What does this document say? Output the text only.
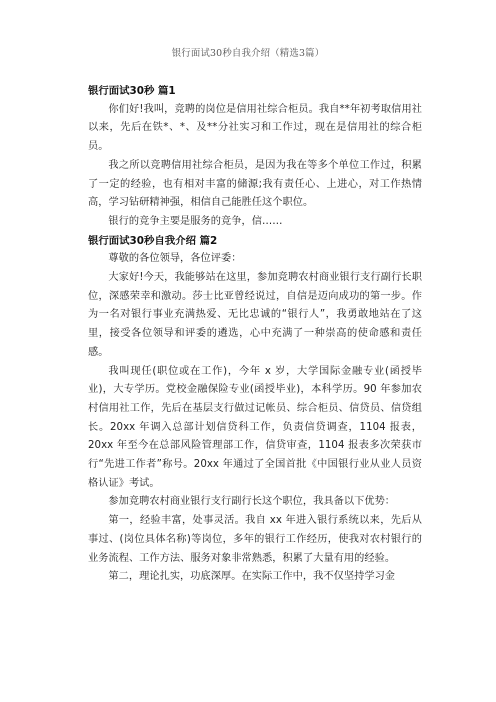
银行面试30秒自我介绍（精选3篇）

银行面试30秒 篇1

你们好!我叫，竞聘的岗位是信用社综合柜员。我自**年初考取信用社以来，先后在铁*、*、及**分社实习和工作过，现在是信用社的综合柜员。

我之所以竞聘信用社综合柜员，是因为我在等多个单位工作过，积累了一定的经验，也有相对丰富的储源;我有责任心、上进心，对工作热情高，学习钻研精神强，相信自己能胜任这个职位。

银行的竞争主要是服务的竞争，信……

银行面试30秒自我介绍 篇2

尊敬的各位领导，各位评委：

大家好!今天，我能够站在这里，参加竞聘农村商业银行支行副行长职位，深感荣幸和激动。莎士比亚曾经说过，自信是迈向成功的第一步。作为一名对银行事业充满热爱、无比忠诚的“银行人”，我勇敢地站在了这里，接受各位领导和评委的遴选，心中充满了一种崇高的使命感和责任感。

我叫现任(职位或在工作)，今年 x 岁，大学国际金融专业(函授毕业)，大专学历。党校金融保险专业(函授毕业)，本科学历。90 年参加农村信用社工作，先后在基层支行做过记帐员、综合柜员、信贷员、信贷组长。20xx 年调入总部计划信贷科工作，负责信贷调查，1104 报表，20xx 年至今在总部风险管理部工作，信贷审查，1104 报表多次荣获市行“先进工作者”称号。20xx 年通过了全国首批《中国银行业从业人员资格认证》考试。

参加竞聘农村商业银行支行副行长这个职位，我具备以下优势：

第一，经验丰富，处事灵活。我自 xx 年进入银行系统以来，先后从事过、(岗位具体名称)等岗位，多年的银行工作经历，使我对农村银行的业务流程、工作方法、服务对象非常熟悉，积累了大量有用的经验。

第二，理论扎实，功底深厚。在实际工作中，我不仅坚持学习金
